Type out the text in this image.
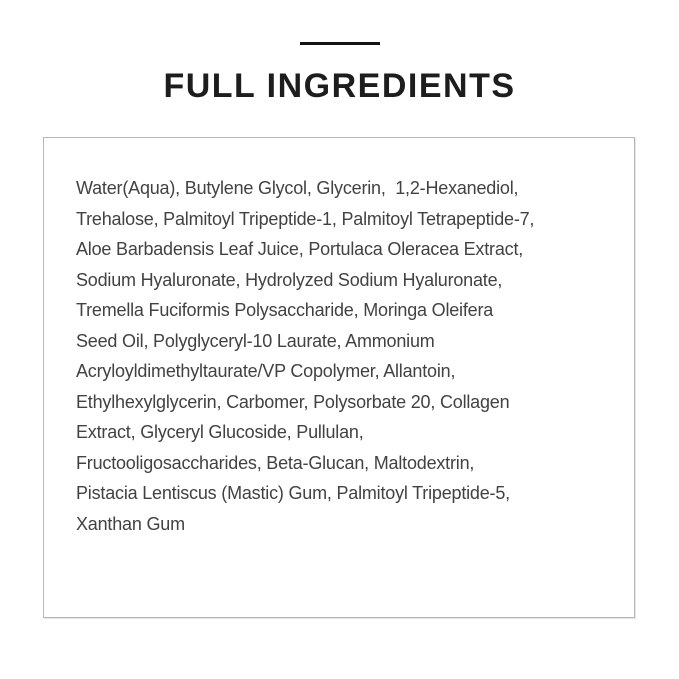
FULL INGREDIENTS
Water(Aqua), Butylene Glycol, Glycerin,  1,2-Hexanediol,
Trehalose, Palmitoyl Tripeptide-1, Palmitoyl Tetrapeptide-7,
Aloe Barbadensis Leaf Juice, Portulaca Oleracea Extract,
Sodium Hyaluronate, Hydrolyzed Sodium Hyaluronate,
Tremella Fuciformis Polysaccharide, Moringa Oleifera
Seed Oil, Polyglyceryl-10 Laurate, Ammonium
Acryloyldimethyltaurate/VP Copolymer, Allantoin,
Ethylhexylglycerin, Carbomer, Polysorbate 20, Collagen
Extract, Glyceryl Glucoside, Pullulan,
Fructooligosaccharides, Beta-Glucan, Maltodextrin,
Pistacia Lentiscus (Mastic) Gum, Palmitoyl Tripeptide-5,
Xanthan Gum
